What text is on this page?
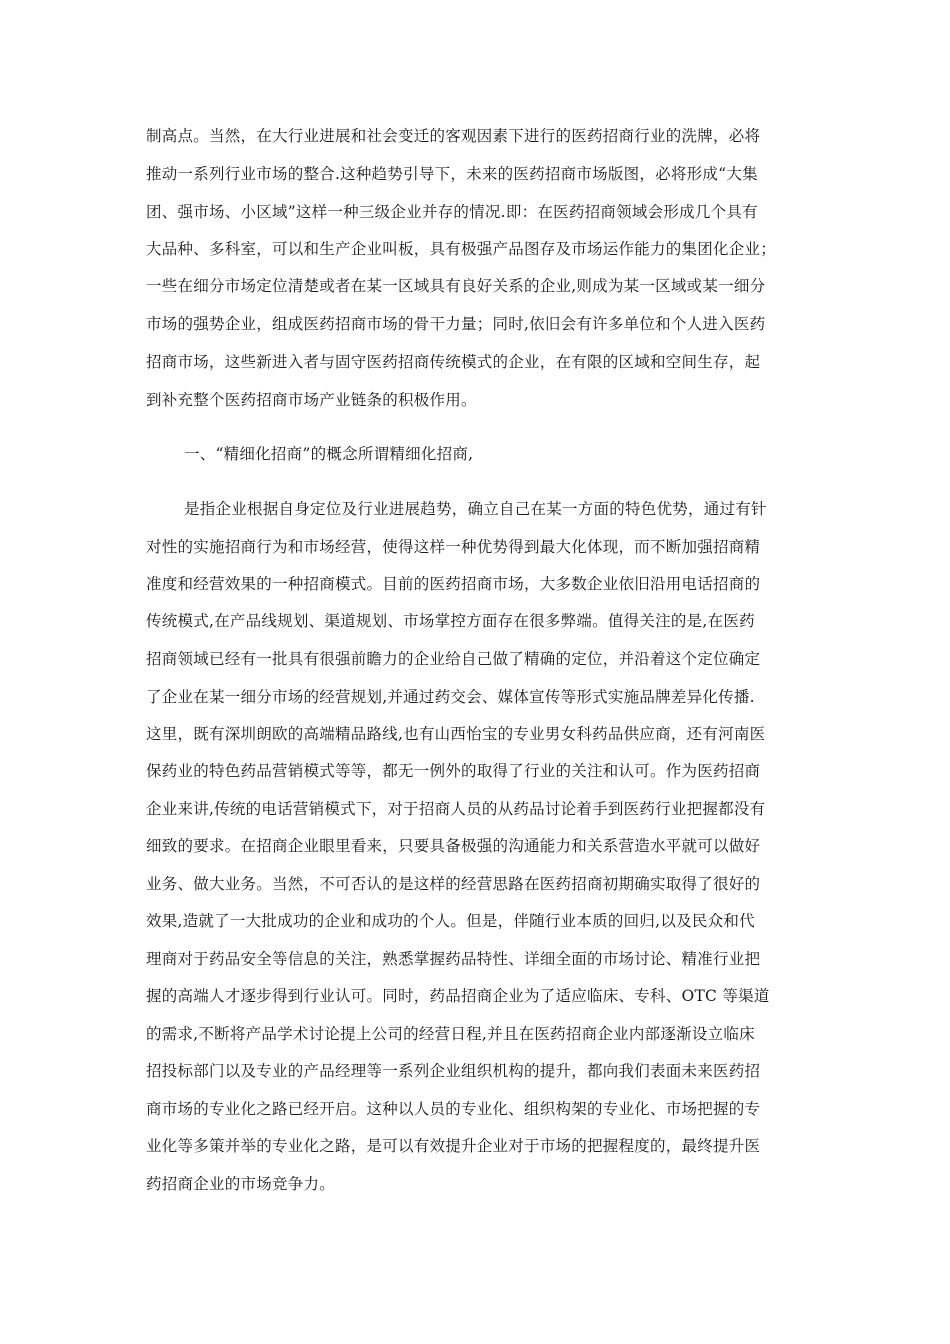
制高点。当然，在大行业进展和社会变迁的客观因素下进行的医药招商行业的洗牌，必将
推动一系列行业市场的整合.这种趋势引导下，未来的医药招商市场版图，必将形成“大集
团、强市场、小区域”这样一种三级企业并存的情况.即：在医药招商领域会形成几个具有
大品种、多科室，可以和生产企业叫板，具有极强产品图存及市场运作能力的集团化企业；
一些在细分市场定位清楚或者在某一区域具有良好关系的企业,则成为某一区域或某一细分
市场的强势企业，组成医药招商市场的骨干力量；同时,依旧会有许多单位和个人进入医药
招商市场，这些新进入者与固守医药招商传统模式的企业，在有限的区域和空间生存，起
到补充整个医药招商市场产业链条的积极作用。
一、“精细化招商”的概念所谓精细化招商,
是指企业根据自身定位及行业进展趋势，确立自己在某一方面的特色优势，通过有针
对性的实施招商行为和市场经营，使得这样一种优势得到最大化体现，而不断加强招商精
准度和经营效果的一种招商模式。目前的医药招商市场，大多数企业依旧沿用电话招商的
传统模式,在产品线规划、渠道规划、市场掌控方面存在很多弊端。值得关注的是,在医药
招商领域已经有一批具有很强前瞻力的企业给自己做了精确的定位，并沿着这个定位确定
了企业在某一细分市场的经营规划,并通过药交会、媒体宣传等形式实施品牌差异化传播.
这里，既有深圳朗欧的高端精品路线,也有山西怡宝的专业男女科药品供应商，还有河南医
保药业的特色药品营销模式等等，都无一例外的取得了行业的关注和认可。作为医药招商
企业来讲,传统的电话营销模式下，对于招商人员的从药品讨论着手到医药行业把握都没有
细致的要求。在招商企业眼里看来，只要具备极强的沟通能力和关系营造水平就可以做好
业务、做大业务。当然，不可否认的是这样的经营思路在医药招商初期确实取得了很好的
效果,造就了一大批成功的企业和成功的个人。但是，伴随行业本质的回归,以及民众和代
理商对于药品安全等信息的关注，熟悉掌握药品特性、详细全面的市场讨论、精准行业把
握的高端人才逐步得到行业认可。同时，药品招商企业为了适应临床、专科、OTC 等渠道
的需求,不断将产品学术讨论提上公司的经营日程,并且在医药招商企业内部逐渐设立临床
招投标部门以及专业的产品经理等一系列企业组织机构的提升，都向我们表面未来医药招
商市场的专业化之路已经开启。这种以人员的专业化、组织构架的专业化、市场把握的专
业化等多策并举的专业化之路，是可以有效提升企业对于市场的把握程度的，最终提升医
药招商企业的市场竞争力。
